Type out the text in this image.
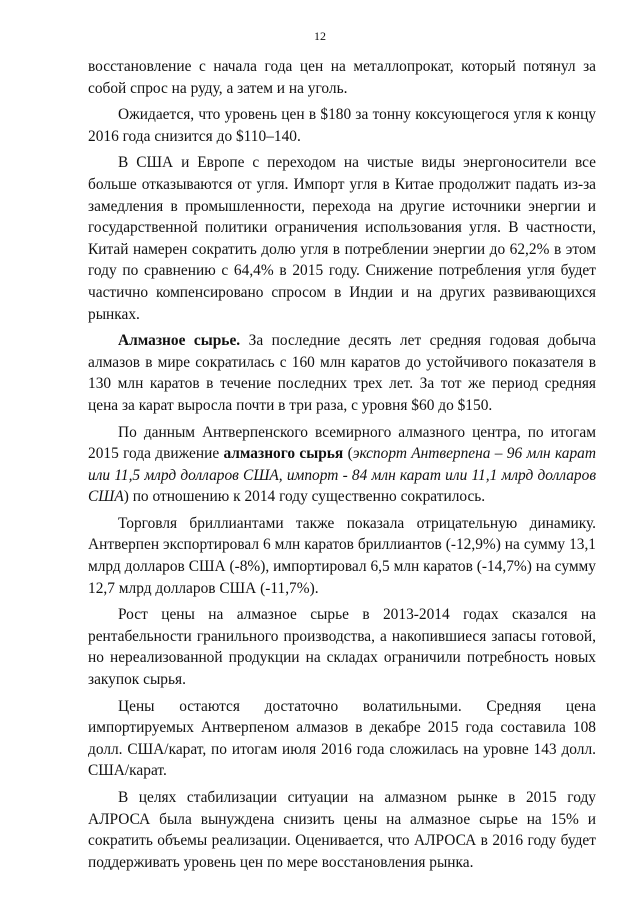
12

восстановление с начала года цен на металлопрокат, который потянул за собой спрос на руду, а затем и на уголь.

Ожидается, что уровень цен в $180 за тонну коксующегося угля к концу 2016 года снизится до $110–140.

В США и Европе с переходом на чистые виды энергоносители все больше отказываются от угля. Импорт угля в Китае продолжит падать из-за замедления в промышленности, перехода на другие источники энергии и государственной политики ограничения использования угля. В частности, Китай намерен сократить долю угля в потреблении энергии до 62,2% в этом году по сравнению с 64,4% в 2015 году. Снижение потребления угля будет частично компенсировано спросом в Индии и на других развивающихся рынках.

Алмазное сырье. За последние десять лет средняя годовая добыча алмазов в мире сократилась с 160 млн каратов до устойчивого показателя в 130 млн каратов в течение последних трех лет. За тот же период средняя цена за карат выросла почти в три раза, с уровня $60 до $150.

По данным Антверпенского всемирного алмазного центра, по итогам 2015 года движение алмазного сырья (экспорт Антверпена – 96 млн карат или 11,5 млрд долларов США, импорт - 84 млн карат или 11,1 млрд долларов США) по отношению к 2014 году существенно сократилось.

Торговля бриллиантами также показала отрицательную динамику. Антверпен экспортировал 6 млн каратов бриллиантов (-12,9%) на сумму 13,1 млрд долларов США (-8%), импортировал 6,5 млн каратов (-14,7%) на сумму 12,7 млрд долларов США (-11,7%).

Рост цены на алмазное сырье в 2013-2014 годах сказался на рентабельности гранильного производства, а накопившиеся запасы готовой, но нереализованной продукции на складах ограничили потребность новых закупок сырья.

Цены остаются достаточно волатильными. Средняя цена импортируемых Антверпеном алмазов в декабре 2015 года составила 108 долл. США/карат, по итогам июля 2016 года сложилась на уровне 143 долл. США/карат.

В целях стабилизации ситуации на алмазном рынке в 2015 году АЛРОСА была вынуждена снизить цены на алмазное сырье на 15% и сократить объемы реализации. Оценивается, что АЛРОСА в 2016 году будет поддерживать уровень цен по мере восстановления рынка.
